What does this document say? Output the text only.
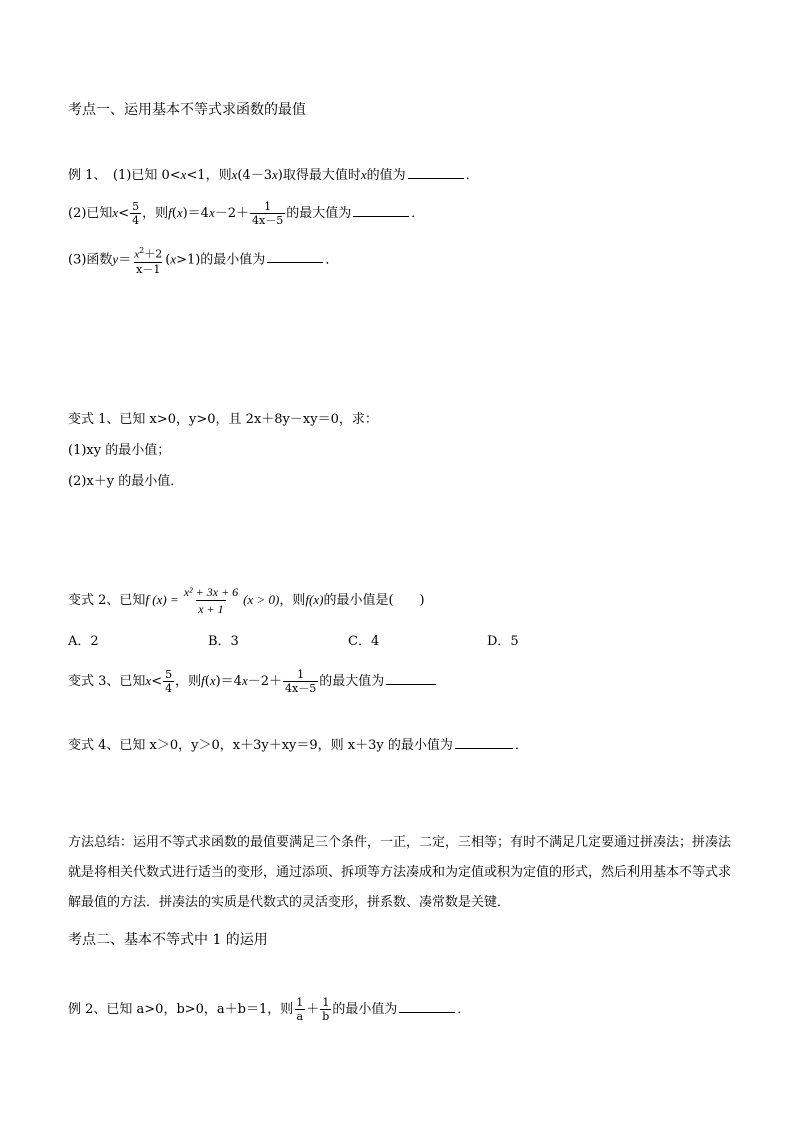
考点一、运用基本不等式求函数的最值
例 1、　(1)已知 0<x<1，则x(4－3x)取得最大值时x的值为	．
(2)已知$x< \frac{5}{4}$ ，则$f(x)=4x-2+ \frac{1}{4x-5}$ 的最大值为	．
(3)函数$y= \frac{x^2+2}{x-1} (x>1)$的最小值为	．
变式 1、已知 x>0，y>0，且 2x＋8y－xy＝0，求：
(1)xy 的最小值；
(2)x＋y 的最小值．
变式 2、已知f $(x) = \frac{\text{x² + 3x + 6}}{x + 1} (x > 0)$，则f(x)的最小值是(　　)
A．2	B．3	C．4	D．5
变式 3、已知$x< \frac{5}{4}$ ，则$f(x)=4x-2+ \frac{1}{4x-5}$ 的最大值为
变式 4、已知 x＞0，y＞0，x＋3y＋xy＝9，则 x＋3y 的最小值为	．
方法总结：运用不等式求函数的最值要满足三个条件，一正，二定，三相等；有时不满足几定要通过拼凑法；拼凑法就是将相关代数式进行适当的变形，通过添项、拆项等方法凑成和为定值或积为定值的形式，然后利用基本不等式求解最值的方法．拼凑法的实质是代数式的灵活变形，拼系数、凑常数是关键．
考点二、基本不等式中 1 的运用
例 2、已知 a>0，b>0，a＋b＝1，则 $\frac{1}{a} + \frac{1}{b}$ 的最小值为	．
